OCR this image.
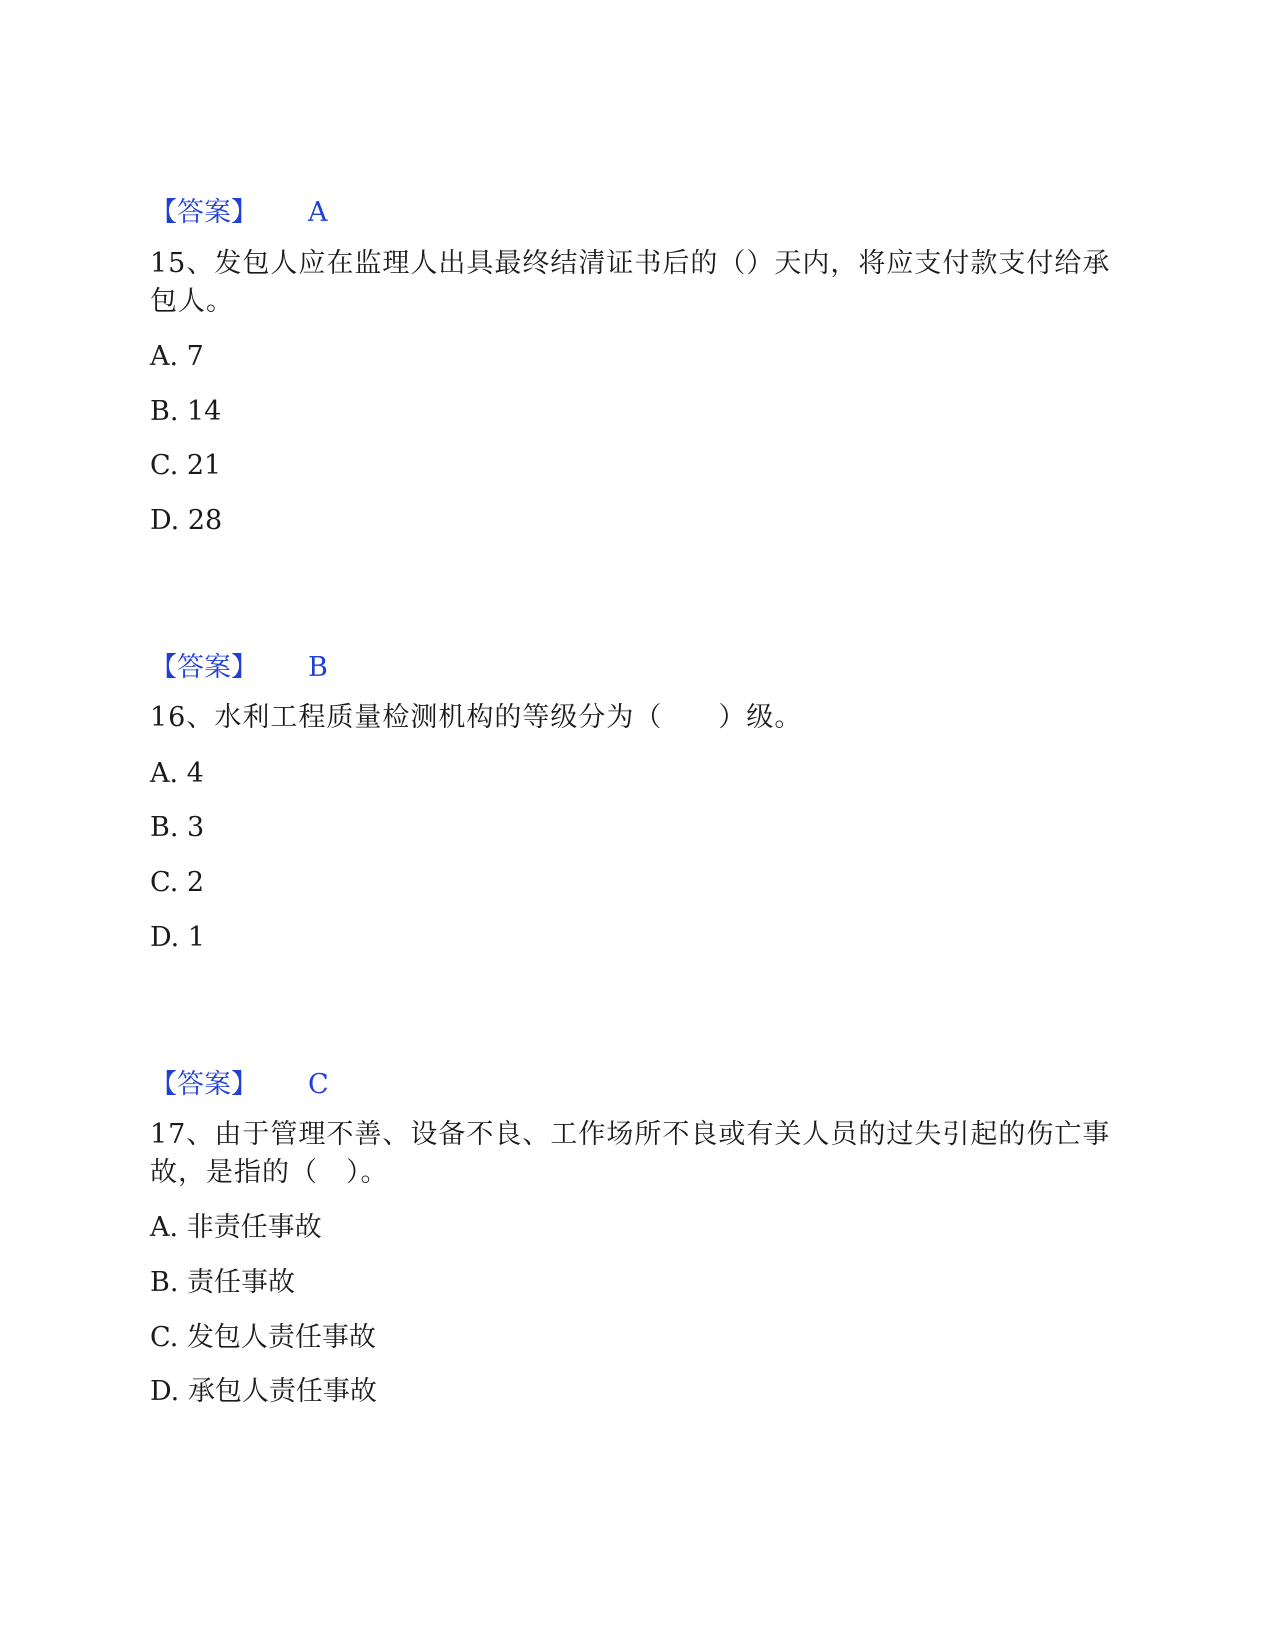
【答案】 A
15、发包人应在监理人出具最终结清证书后的（）天内，将应支付款支付给承包人。
A. 7
B. 14
C. 21
D. 28
【答案】 B
16、水利工程质量检测机构的等级分为（　　）级。
A. 4
B. 3
C. 2
D. 1
【答案】 C
17、由于管理不善、设备不良、工作场所不良或有关人员的过失引起的伤亡事故，是指的（　）。
A. 非责任事故
B. 责任事故
C. 发包人责任事故
D. 承包人责任事故
